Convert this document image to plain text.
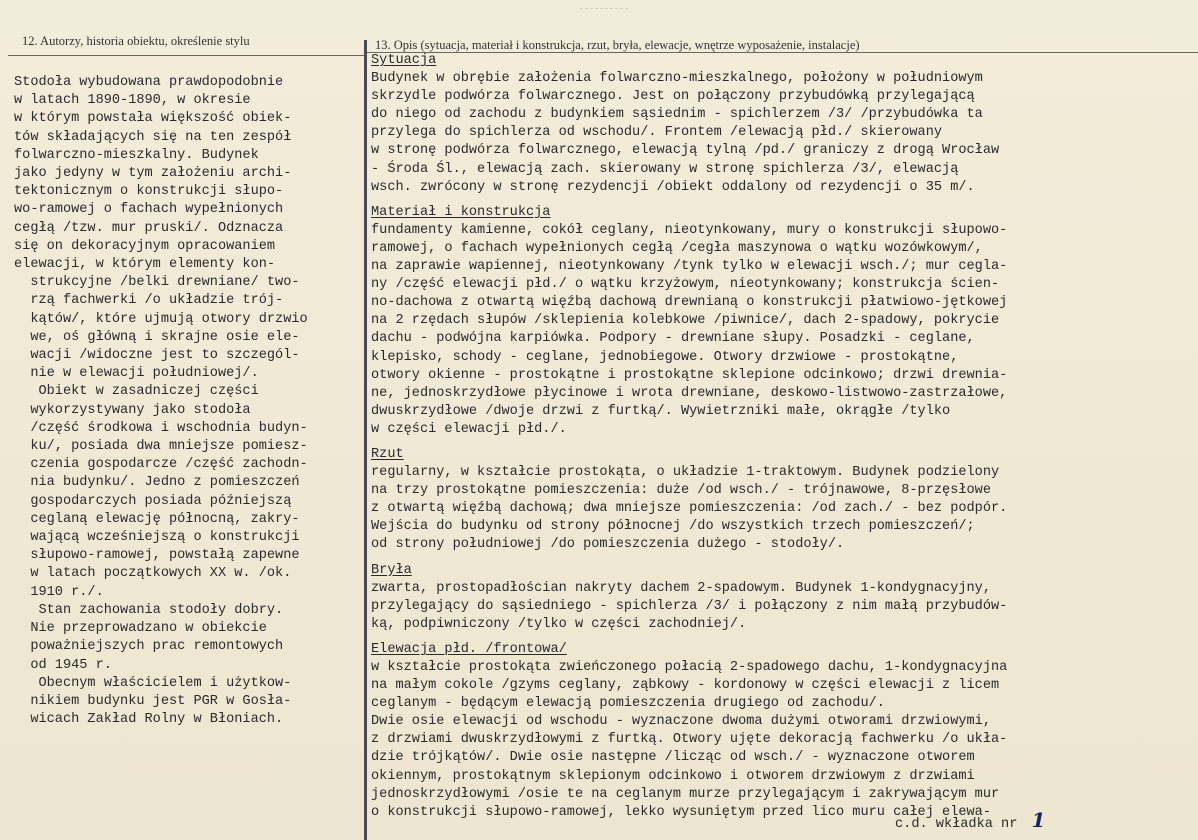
12. Autorzy, historia obiektu, określenie stylu	13. Opis (sytuacja, materiał i konstrukcja, rzut, bryła, elewacje, wnętrze wyposażenie, instalacje)

Stodoła wybudowana prawdopodobnie

w latach 1890-1890, w okresie

w którym powstała większość obiek-

tów składających się na ten zespół

folwarczno-mieszkalny. Budynek

jako jedyny w tym założeniu archi-

tektonicznym o konstrukcji słupo-

wo-ramowej o fachach wypełnionych

cegłą /tzw. mur pruski/. Odznacza

się on dekoracyjnym opracowaniem

elewacji, w którym elementy kon-

strukcyjne /belki drewniane/ two-

rzą fachwerki /o układzie trój-

kątów/, które ujmują otwory drzwio

we, oś główną i skrajne osie ele-

wacji /widoczne jest to szczegól-

nie w elewacji południowej/.

Obiekt w zasadniczej części

wykorzystywany jako stodoła

/część środkowa i wschodnia budyn-

ku/, posiada dwa mniejsze pomiesz-

czenia gospodarcze /część zachodn-

nia budynku/. Jedno z pomieszczeń

gospodarczych posiada późniejszą

ceglaną elewację północną, zakry-

wającą wcześniejszą o konstrukcji

słupowo-ramowej, powstałą zapewne

w latach początkowych XX w. /ok.

1910 r./.

Stan zachowania stodoły dobry.

Nie przeprowadzano w obiekcie

poważniejszych prac remontowych

od 1945 r.

Obecnym właścicielem i użytkow-

nikiem budynku jest PGR w Gosła-

wicach Zakład Rolny w Błoniach.

Sytuacja
Budynek w obrębie założenia folwarczno-mieszkalnego, położony w południowym
skrzydle podwórza folwarcznego. Jest on połączony przybudówką przylegającą
do niego od zachodu z budynkiem sąsiednim - spichlerzem /3/ /przybudówka ta
przylega do spichlerza od wschodu/. Frontem /elewacją płd./ skierowany
w stronę podwórza folwarcznego, elewacją tylną /pd./ graniczy z drogą Wrocław
- Środa Śl., elewacją zach. skierowany w stronę spichlerza /3/, elewacją
wsch. zwrócony w stronę rezydencji /obiekt oddalony od rezydencji o 35 m/.
Materiał i konstrukcja
fundamenty kamienne, cokół ceglany, nieotynkowany, mury o konstrukcji słupowo-
ramowej, o fachach wypełnionych cegłą /cegła maszynowa o wątku wozówkowym/,
na zaprawie wapiennej, nieotynkowany /tynk tylko w elewacji wsch./; mur cegla-
ny /część elewacji płd./ o wątku krzyżowym, nieotynkowany; konstrukcja ścien-
no-dachowa z otwartą więźbą dachową drewnianą o konstrukcji płatwiowo-jętkowej
na 2 rzędach słupów /sklepienia kolebkowe /piwnice/, dach 2-spadowy, pokrycie
dachu - podwójna karpiówka. Podpory - drewniane słupy. Posadzki - ceglane,
klepisko, schody - ceglane, jednobiegowe. Otwory drzwiowe - prostokątne,
otwory okienne - prostokątne i prostokątne sklepione odcinkowo; drzwi drewnia-
ne, jednoskrzydłowe płycinowe i wrota drewniane, deskowo-listwowo-zastrzałowe,
dwuskrzydłowe /dwoje drzwi z furtką/. Wywietrzniki małe, okrągłe /tylko
w części elewacji płd./.
Rzut
regularny, w kształcie prostokąta, o układzie 1-traktowym. Budynek podzielony
na trzy prostokątne pomieszczenia: duże /od wsch./ - trójnawowe, 8-przęsłowe
z otwartą więźbą dachową; dwa mniejsze pomieszczenia: /od zach./ - bez podpór.
Wejścia do budynku od strony północnej /do wszystkich trzech pomieszczeń/;
od strony południowej /do pomieszczenia dużego - stodoły/.
Bryła
zwarta, prostopadłościan nakryty dachem 2-spadowym. Budynek 1-kondygnacyjny,
przylegający do sąsiedniego - spichlerza /3/ i połączony z nim małą przybudów-
ką, podpiwniczony /tylko w części zachodniej/.
Elewacja płd. /frontowa/
w kształcie prostokąta zwieńczonego połacią 2-spadowego dachu, 1-kondygnacyjna
na małym cokole /gzyms ceglany, ząbkowy - kordonowy w części elewacji z licem
ceglanym - będącym elewacją pomieszczenia drugiego od zachodu/.
Dwie osie elewacji od wschodu - wyznaczone dwoma dużymi otworami drzwiowymi,
z drzwiami dwuskrzydłowymi z furtką. Otwory ujęte dekoracją fachwerku /o ukła-
dzie trójkątów/. Dwie osie następne /licząc od wsch./ - wyznaczone otworem
okiennym, prostokątnym sklepionym odcinkowo i otworem drzwiowym z drzwiami
jednoskrzydłowymi /osie te na ceglanym murze przylegającym i zakrywającym mur
o konstrukcji słupowo-ramowej, lekko wysuniętym przed lico muru całej elewa-
c.d. wkładka nr 1
